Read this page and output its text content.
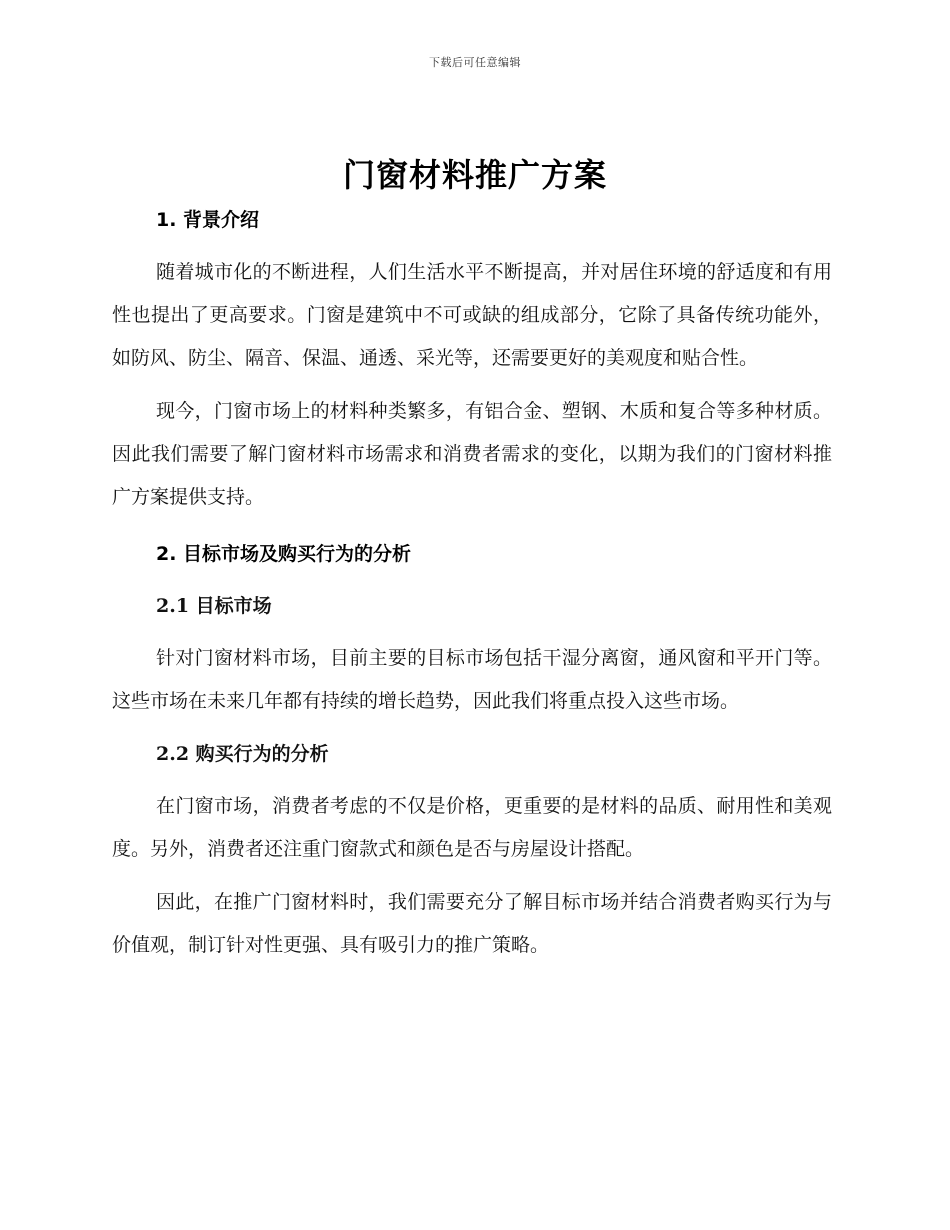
下载后可任意编辑
门窗材料推广方案
1. 背景介绍

随着城市化的不断进程，人们生活水平不断提高，并对居住环境的舒适度和有用性也提出了更高要求。门窗是建筑中不可或缺的组成部分，它除了具备传统功能外，如防风、防尘、隔音、保温、通透、采光等，还需要更好的美观度和贴合性。

现今，门窗市场上的材料种类繁多，有铝合金、塑钢、木质和复合等多种材质。因此我们需要了解门窗材料市场需求和消费者需求的变化，以期为我们的门窗材料推广方案提供支持。

2. 目标市场及购买行为的分析
2.1 目标市场

针对门窗材料市场，目前主要的目标市场包括干湿分离窗，通风窗和平开门等。这些市场在未来几年都有持续的增长趋势，因此我们将重点投入这些市场。

2.2 购买行为的分析

在门窗市场，消费者考虑的不仅是价格，更重要的是材料的品质、耐用性和美观度。另外，消费者还注重门窗款式和颜色是否与房屋设计搭配。

因此，在推广门窗材料时，我们需要充分了解目标市场并结合消费者购买行为与价值观，制订针对性更强、具有吸引力的推广策略。
